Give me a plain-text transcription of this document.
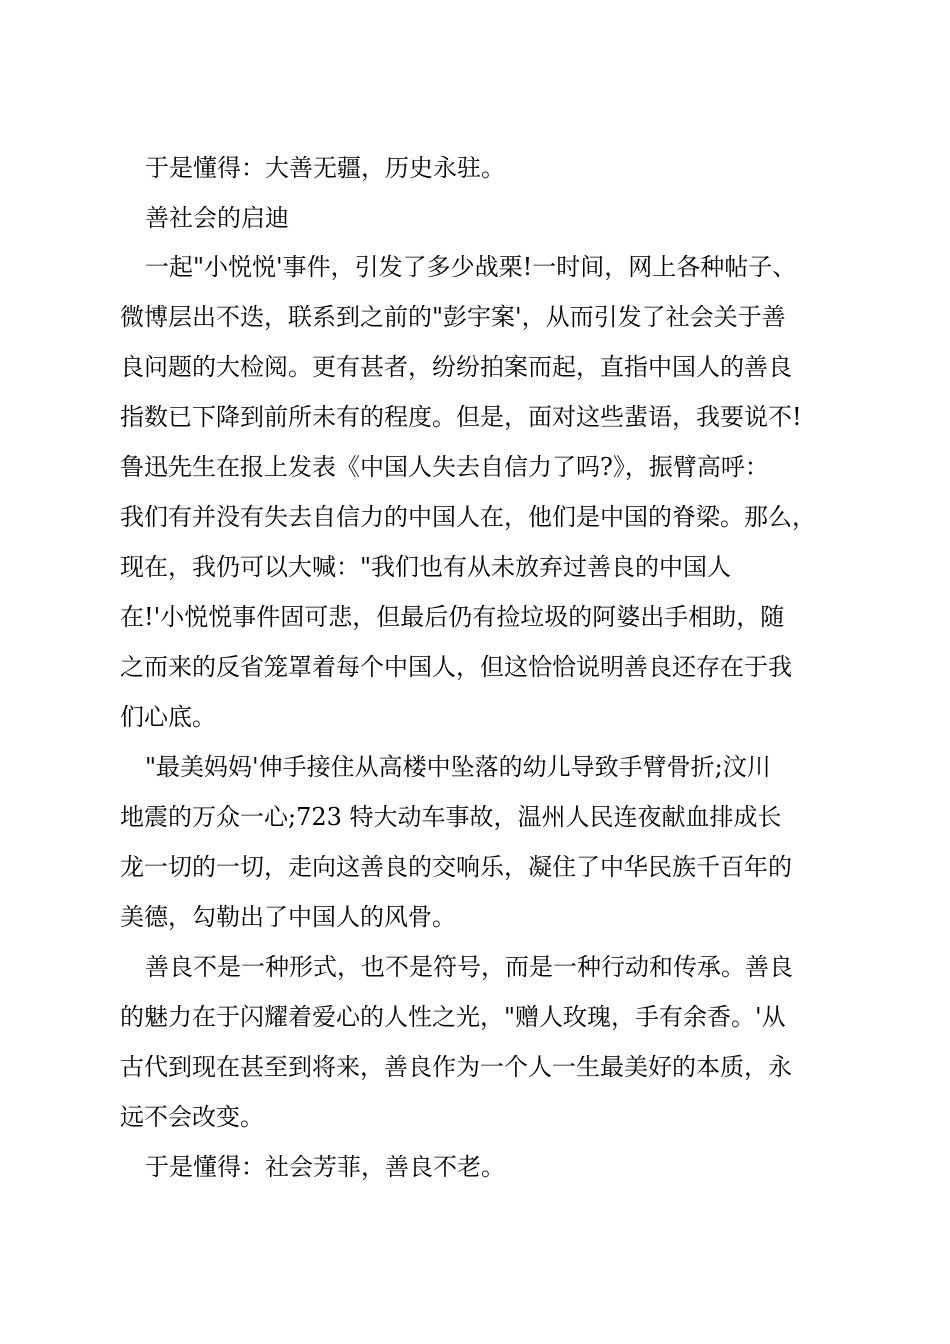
于是懂得：大善无疆，历史永驻。
善社会的启迪
一起"小悦悦'事件，引发了多少战栗!一时间，网上各种帖子、
微博层出不迭，联系到之前的"彭宇案'，从而引发了社会关于善
良问题的大检阅。更有甚者，纷纷拍案而起，直指中国人的善良
指数已下降到前所未有的程度。但是，面对这些蜚语，我要说不!
鲁迅先生在报上发表《中国人失去自信力了吗?》，振臂高呼：
我们有并没有失去自信力的中国人在，他们是中国的脊梁。那么，
现在，我仍可以大喊："我们也有从未放弃过善良的中国人
在!'小悦悦事件固可悲，但最后仍有捡垃圾的阿婆出手相助，随
之而来的反省笼罩着每个中国人，但这恰恰说明善良还存在于我
们心底。
"最美妈妈'伸手接住从高楼中坠落的幼儿导致手臂骨折;汶川
地震的万众一心;723 特大动车事故，温州人民连夜献血排成长
龙一切的一切，走向这善良的交响乐，凝住了中华民族千百年的
美德，勾勒出了中国人的风骨。
善良不是一种形式，也不是符号，而是一种行动和传承。善良
的魅力在于闪耀着爱心的人性之光，"赠人玫瑰，手有余香。'从
古代到现在甚至到将来，善良作为一个人一生最美好的本质，永
远不会改变。
于是懂得：社会芳菲，善良不老。
